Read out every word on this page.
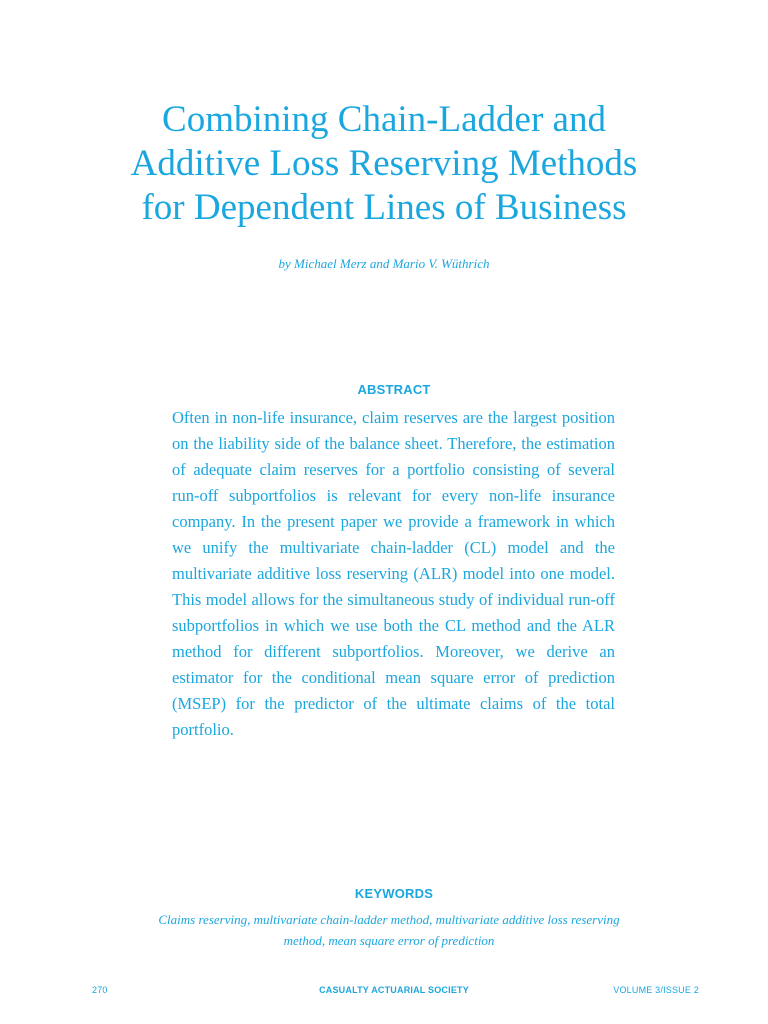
Combining Chain-Ladder and
Additive Loss Reserving Methods
for Dependent Lines of Business
by Michael Merz and Mario V. Wüthrich
ABSTRACT
Often in non-life insurance, claim reserves are the largest position on the liability side of the balance sheet. Therefore, the estimation of adequate claim reserves for a portfolio consisting of several run-off subportfolios is relevant for every non-life insurance company. In the present paper we provide a framework in which we unify the multivariate chain-ladder (CL) model and the multivariate additive loss reserving (ALR) model into one model. This model allows for the simultaneous study of individual run-off subportfolios in which we use both the CL method and the ALR method for different subportfolios. Moreover, we derive an estimator for the conditional mean square error of prediction (MSEP) for the predictor of the ultimate claims of the total portfolio.
KEYWORDS
Claims reserving, multivariate chain-ladder method, multivariate additive loss reserving method, mean square error of prediction
270	CASUALTY ACTUARIAL SOCIETY	VOLUME 3/ISSUE 2
